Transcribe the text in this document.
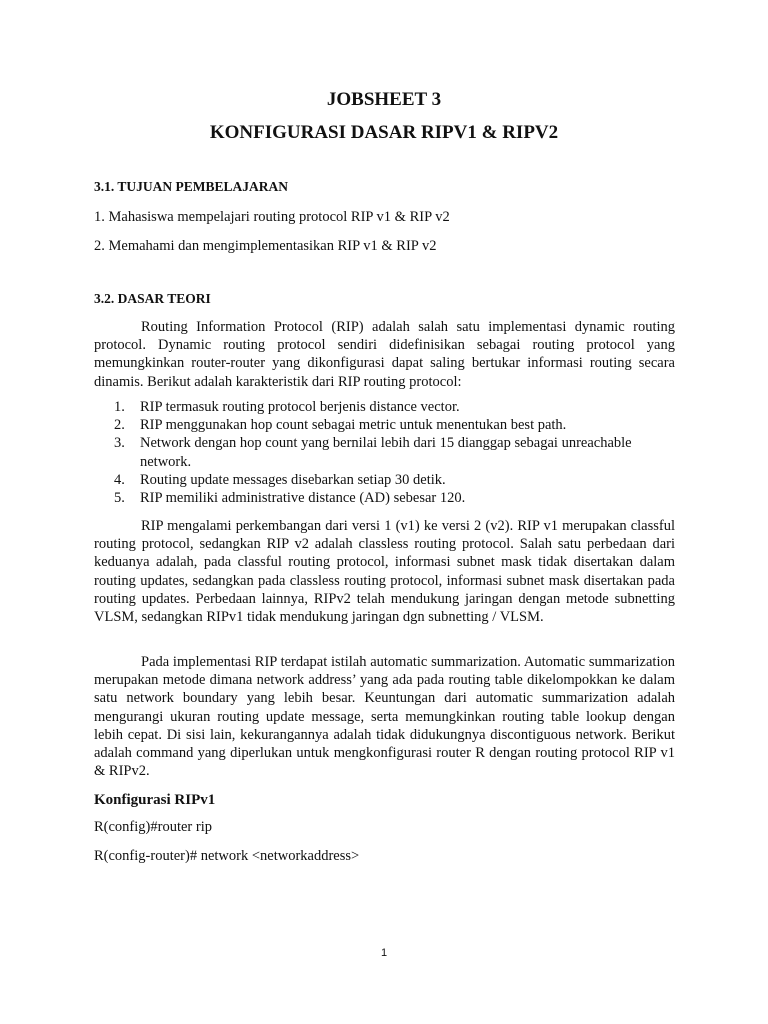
JOBSHEET 3
KONFIGURASI DASAR RIPV1 & RIPV2
3.1. TUJUAN PEMBELAJARAN
1. Mahasiswa mempelajari routing protocol RIP v1 & RIP v2
2. Memahami dan mengimplementasikan RIP v1 & RIP v2
3.2. DASAR TEORI

Routing Information Protocol (RIP) adalah salah satu implementasi dynamic routing protocol. Dynamic routing protocol sendiri didefinisikan sebagai routing protocol yang memungkinkan router-router yang dikonfigurasi dapat saling bertukar informasi routing secara dinamis. Berikut adalah karakteristik dari RIP routing protocol:

1. RIP termasuk routing protocol berjenis distance vector.
2. RIP menggunakan hop count sebagai metric untuk menentukan best path.
3. Network dengan hop count yang bernilai lebih dari 15 dianggap sebagai unreachable network.
4. Routing update messages disebarkan setiap 30 detik.
5. RIP memiliki administrative distance (AD) sebesar 120.

RIP mengalami perkembangan dari versi 1 (v1) ke versi 2 (v2). RIP v1 merupakan classful routing protocol, sedangkan RIP v2 adalah classless routing protocol. Salah satu perbedaan dari keduanya adalah, pada classful routing protocol, informasi subnet mask tidak disertakan dalam routing updates, sedangkan pada classless routing protocol, informasi subnet mask disertakan pada routing updates. Perbedaan lainnya, RIPv2 telah mendukung jaringan dengan metode subnetting VLSM, sedangkan RIPv1 tidak mendukung jaringan dgn subnetting / VLSM.

Pada implementasi RIP terdapat istilah automatic summarization. Automatic summarization merupakan metode dimana network address’ yang ada pada routing table dikelompokkan ke dalam satu network boundary yang lebih besar. Keuntungan dari automatic summarization adalah mengurangi ukuran routing update message, serta memungkinkan routing table lookup dengan lebih cepat. Di sisi lain, kekurangannya adalah tidak didukungnya discontiguous network. Berikut adalah command yang diperlukan untuk mengkonfigurasi router R dengan routing protocol RIP v1 & RIPv2.

Konfigurasi RIPv1
R(config)#router rip
R(config-router)# network <networkaddress>
1
